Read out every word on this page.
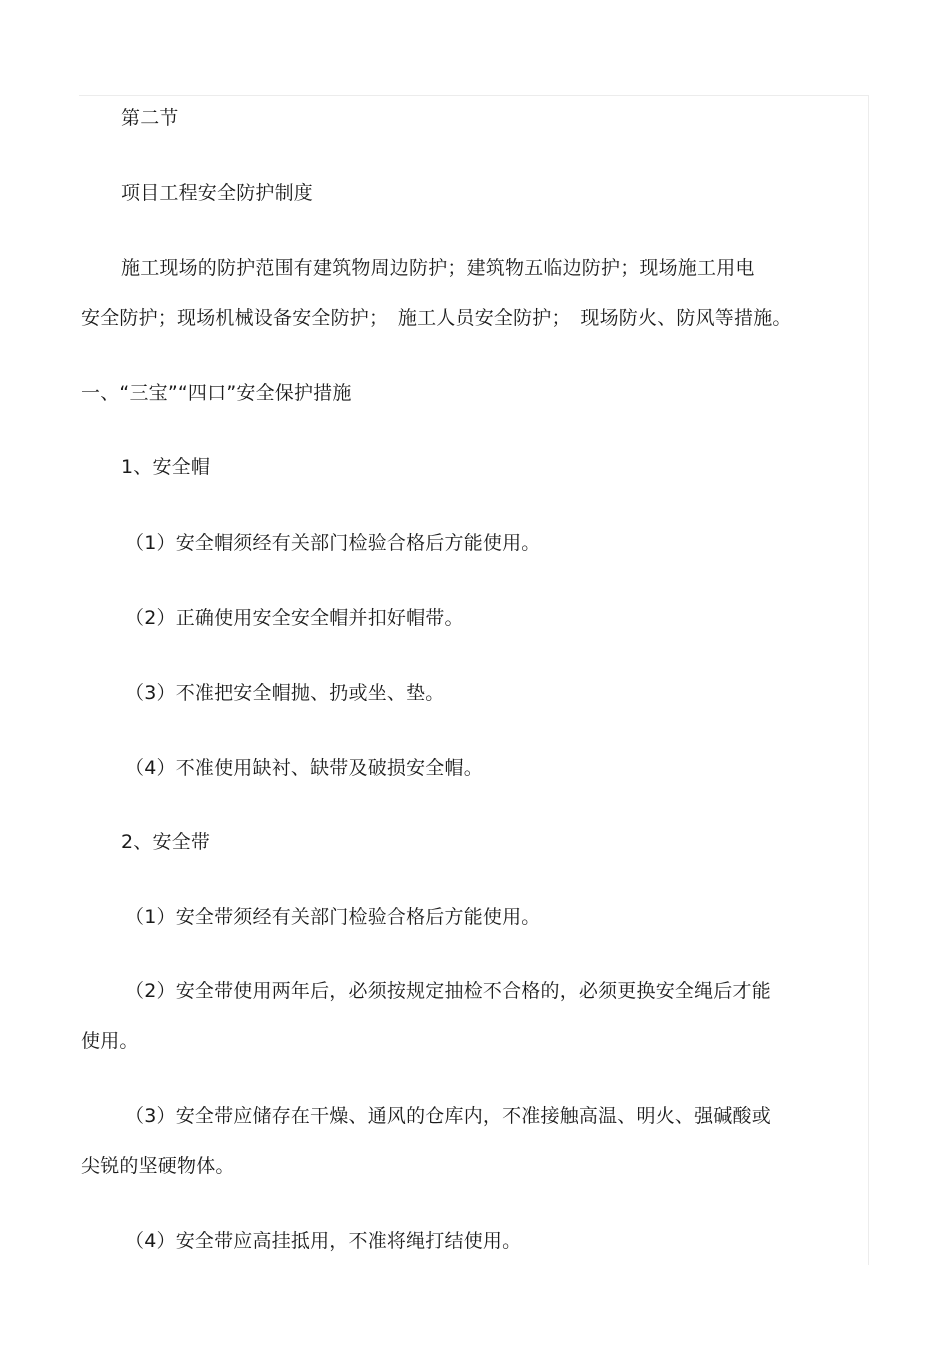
第二节
项目工程安全防护制度
施工现场的防护范围有建筑物周边防护；建筑物五临边防护；现场施工用电
安全防护；现场机械设备安全防护；　施工人员安全防护；　现场防火、防风等措施。
一、“三宝”“四口”安全保护措施
1、安全帽
（1）安全帽须经有关部门检验合格后方能使用。
（2）正确使用安全安全帽并扣好帽带。
（3）不准把安全帽抛、扔或坐、垫。
（4）不准使用缺衬、缺带及破损安全帽。
2、安全带
（1）安全带须经有关部门检验合格后方能使用。
（2）安全带使用两年后，必须按规定抽检不合格的，必须更换安全绳后才能
使用。
（3）安全带应储存在干燥、通风的仓库内，不准接触高温、明火、强碱酸或
尖锐的坚硬物体。
（4）安全带应高挂抵用，不准将绳打结使用。
